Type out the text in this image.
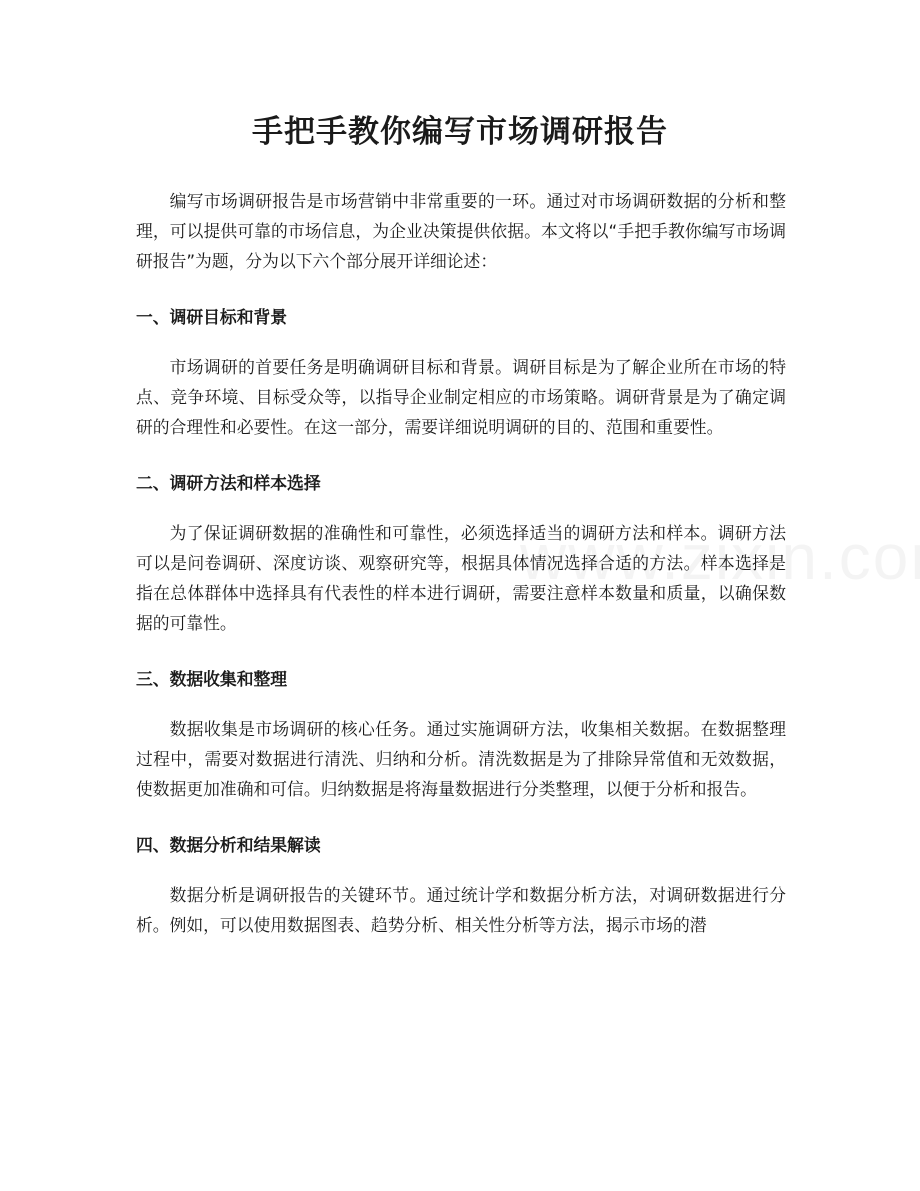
手把手教你编写市场调研报告

编写市场调研报告是市场营销中非常重要的一环。通过对市场调研数据的分析和整理，可以提供可靠的市场信息，为企业决策提供依据。本文将以“手把手教你编写市场调研报告”为题，分为以下六个部分展开详细论述：

一、调研目标和背景

市场调研的首要任务是明确调研目标和背景。调研目标是为了解企业所在市场的特点、竞争环境、目标受众等，以指导企业制定相应的市场策略。调研背景是为了确定调研的合理性和必要性。在这一部分，需要详细说明调研的目的、范围和重要性。

二、调研方法和样本选择

为了保证调研数据的准确性和可靠性，必须选择适当的调研方法和样本。调研方法可以是问卷调研、深度访谈、观察研究等，根据具体情况选择合适的方法。样本选择是指在总体群体中选择具有代表性的样本进行调研，需要注意样本数量和质量，以确保数据的可靠性。

三、数据收集和整理

数据收集是市场调研的核心任务。通过实施调研方法，收集相关数据。在数据整理过程中，需要对数据进行清洗、归纳和分析。清洗数据是为了排除异常值和无效数据，使数据更加准确和可信。归纳数据是将海量数据进行分类整理，以便于分析和报告。

四、数据分析和结果解读

数据分析是调研报告的关键环节。通过统计学和数据分析方法，对调研数据进行分析。例如，可以使用数据图表、趋势分析、相关性分析等方法，揭示市场的潜
